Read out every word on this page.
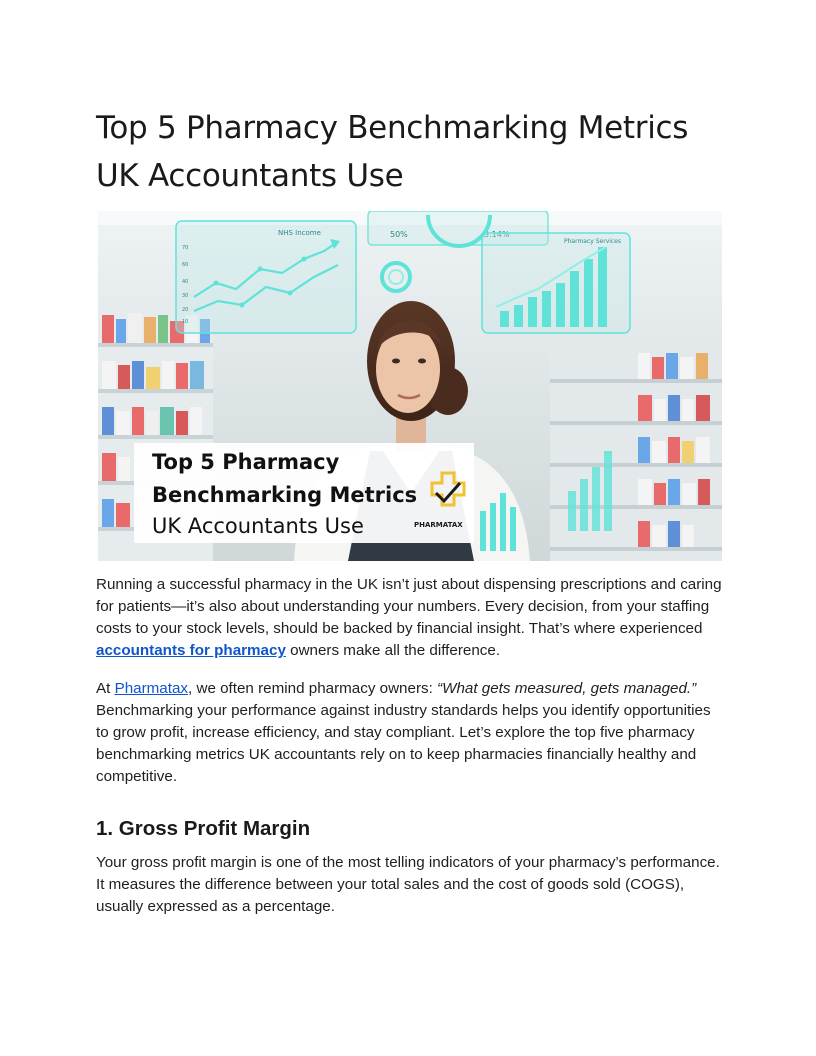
Top 5 Pharmacy Benchmarking Metrics UK Accountants Use
NHS Income
70
60
40
30
20
10
50%	3.14%
Pharmacy Services
Top 5 Pharmacy
Benchmarking Metrics
UK Accountants Use	PHARMATAX

Running a successful pharmacy in the UK isn’t just about dispensing prescriptions and caring for patients—it’s also about understanding your numbers. Every decision, from your staffing costs to your stock levels, should be backed by financial insight. That’s where experienced accountants for pharmacy owners make all the difference.

At Pharmatax, we often remind pharmacy owners: “What gets measured, gets managed.” Benchmarking your performance against industry standards helps you identify opportunities to grow profit, increase efficiency, and stay compliant. Let’s explore the top five pharmacy benchmarking metrics UK accountants rely on to keep pharmacies financially healthy and competitive.

1. Gross Profit Margin

Your gross profit margin is one of the most telling indicators of your pharmacy’s performance. It measures the difference between your total sales and the cost of goods sold (COGS), usually expressed as a percentage.
